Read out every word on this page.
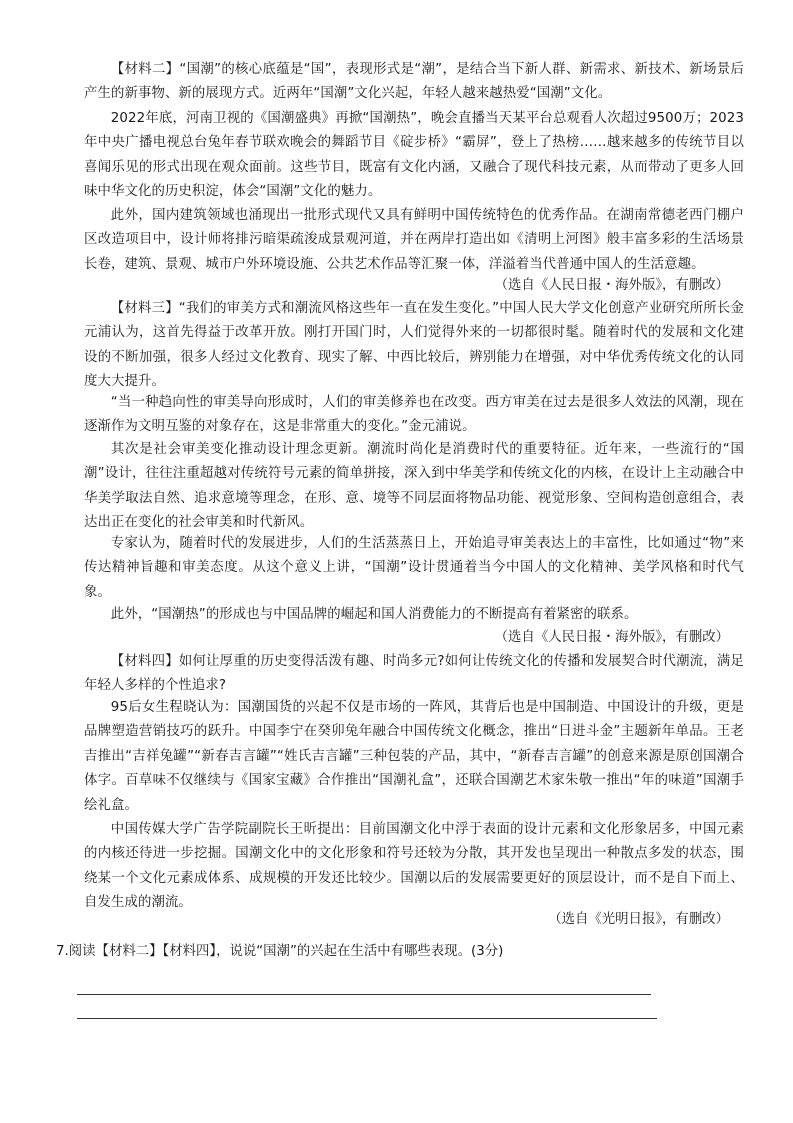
【材料二】“国潮”的核心底蕴是“国”，表现形式是“潮”，是结合当下新人群、新需求、新技术、新场景后产生的新事物、新的展现方式。近两年“国潮”文化兴起，年轻人越来越热爱“国潮”文化。

2022年底，河南卫视的《国潮盛典》再掀“国潮热”，晚会直播当天某平台总观看人次超过9500万；2023年中央广播电视总台兔年春节联欢晚会的舞蹈节目《碇步桥》“霸屏”，登上了热榜……越来越多的传统节目以喜闻乐见的形式出现在观众面前。这些节目，既富有文化内涵，又融合了现代科技元素，从而带动了更多人回味中华文化的历史积淀，体会“国潮”文化的魅力。

此外，国内建筑领域也涌现出一批形式现代又具有鲜明中国传统特色的优秀作品。在湖南常德老西门棚户区改造项目中，设计师将排污暗渠疏浚成景观河道，并在两岸打造出如《清明上河图》般丰富多彩的生活场景长卷，建筑、景观、城市户外环境设施、公共艺术作品等汇聚一体，洋溢着当代普通中国人的生活意趣。

（选自《人民日报・海外版》，有删改）

【材料三】“我们的审美方式和潮流风格这些年一直在发生变化。”中国人民大学文化创意产业研究所所长金元浦认为，这首先得益于改革开放。刚打开国门时，人们觉得外来的一切都很时髦。随着时代的发展和文化建设的不断加强，很多人经过文化教育、现实了解、中西比较后，辨别能力在增强，对中华优秀传统文化的认同度大大提升。

“当一种趋向性的审美导向形成时，人们的审美修养也在改变。西方审美在过去是很多人效法的风潮，现在逐渐作为文明互鉴的对象存在，这是非常重大的变化。”金元浦说。

其次是社会审美变化推动设计理念更新。潮流时尚化是消费时代的重要特征。近年来，一些流行的“国潮”设计，往往注重超越对传统符号元素的简单拼接，深入到中华美学和传统文化的内核，在设计上主动融合中华美学取法自然、追求意境等理念，在形、意、境等不同层面将物品功能、视觉形象、空间构造创意组合，表达出正在变化的社会审美和时代新风。

专家认为，随着时代的发展进步，人们的生活蒸蒸日上，开始追寻审美表达上的丰富性，比如通过“物”来传达精神旨趣和审美态度。从这个意义上讲，“国潮”设计贯通着当今中国人的文化精神、美学风格和时代气象。

此外，“国潮热”的形成也与中国品牌的崛起和国人消费能力的不断提高有着紧密的联系。

（选自《人民日报・海外版》，有删改）

【材料四】如何让厚重的历史变得活泼有趣、时尚多元?如何让传统文化的传播和发展契合时代潮流，满足年轻人多样的个性追求?

95后女生程晓认为：国潮国货的兴起不仅是市场的一阵风，其背后也是中国制造、中国设计的升级，更是品牌塑造营销技巧的跃升。中国李宁在癸卯兔年融合中国传统文化概念，推出“日进斗金”主题新年单品。王老吉推出“吉祥兔罐”“新春吉言罐”“姓氏吉言罐”三种包装的产品，其中，“新春吉言罐”的创意来源是原创国潮合体字。百草味不仅继续与《国家宝藏》合作推出“国潮礼盒”，还联合国潮艺术家朱敬一推出“年的味道”国潮手绘礼盒。

中国传媒大学广告学院副院长王昕提出：目前国潮文化中浮于表面的设计元素和文化形象居多，中国元素的内核还待进一步挖掘。国潮文化中的文化形象和符号还较为分散，其开发也呈现出一种散点多发的状态，围绕某一个文化元素成体系、成规模的开发还比较少。国潮以后的发展需要更好的顶层设计，而不是自下而上、自发生成的潮流。

（选自《光明日报》，有删改）

7.阅读【材料二】【材料四】，说说“国潮”的兴起在生活中有哪些表现。(3分)
